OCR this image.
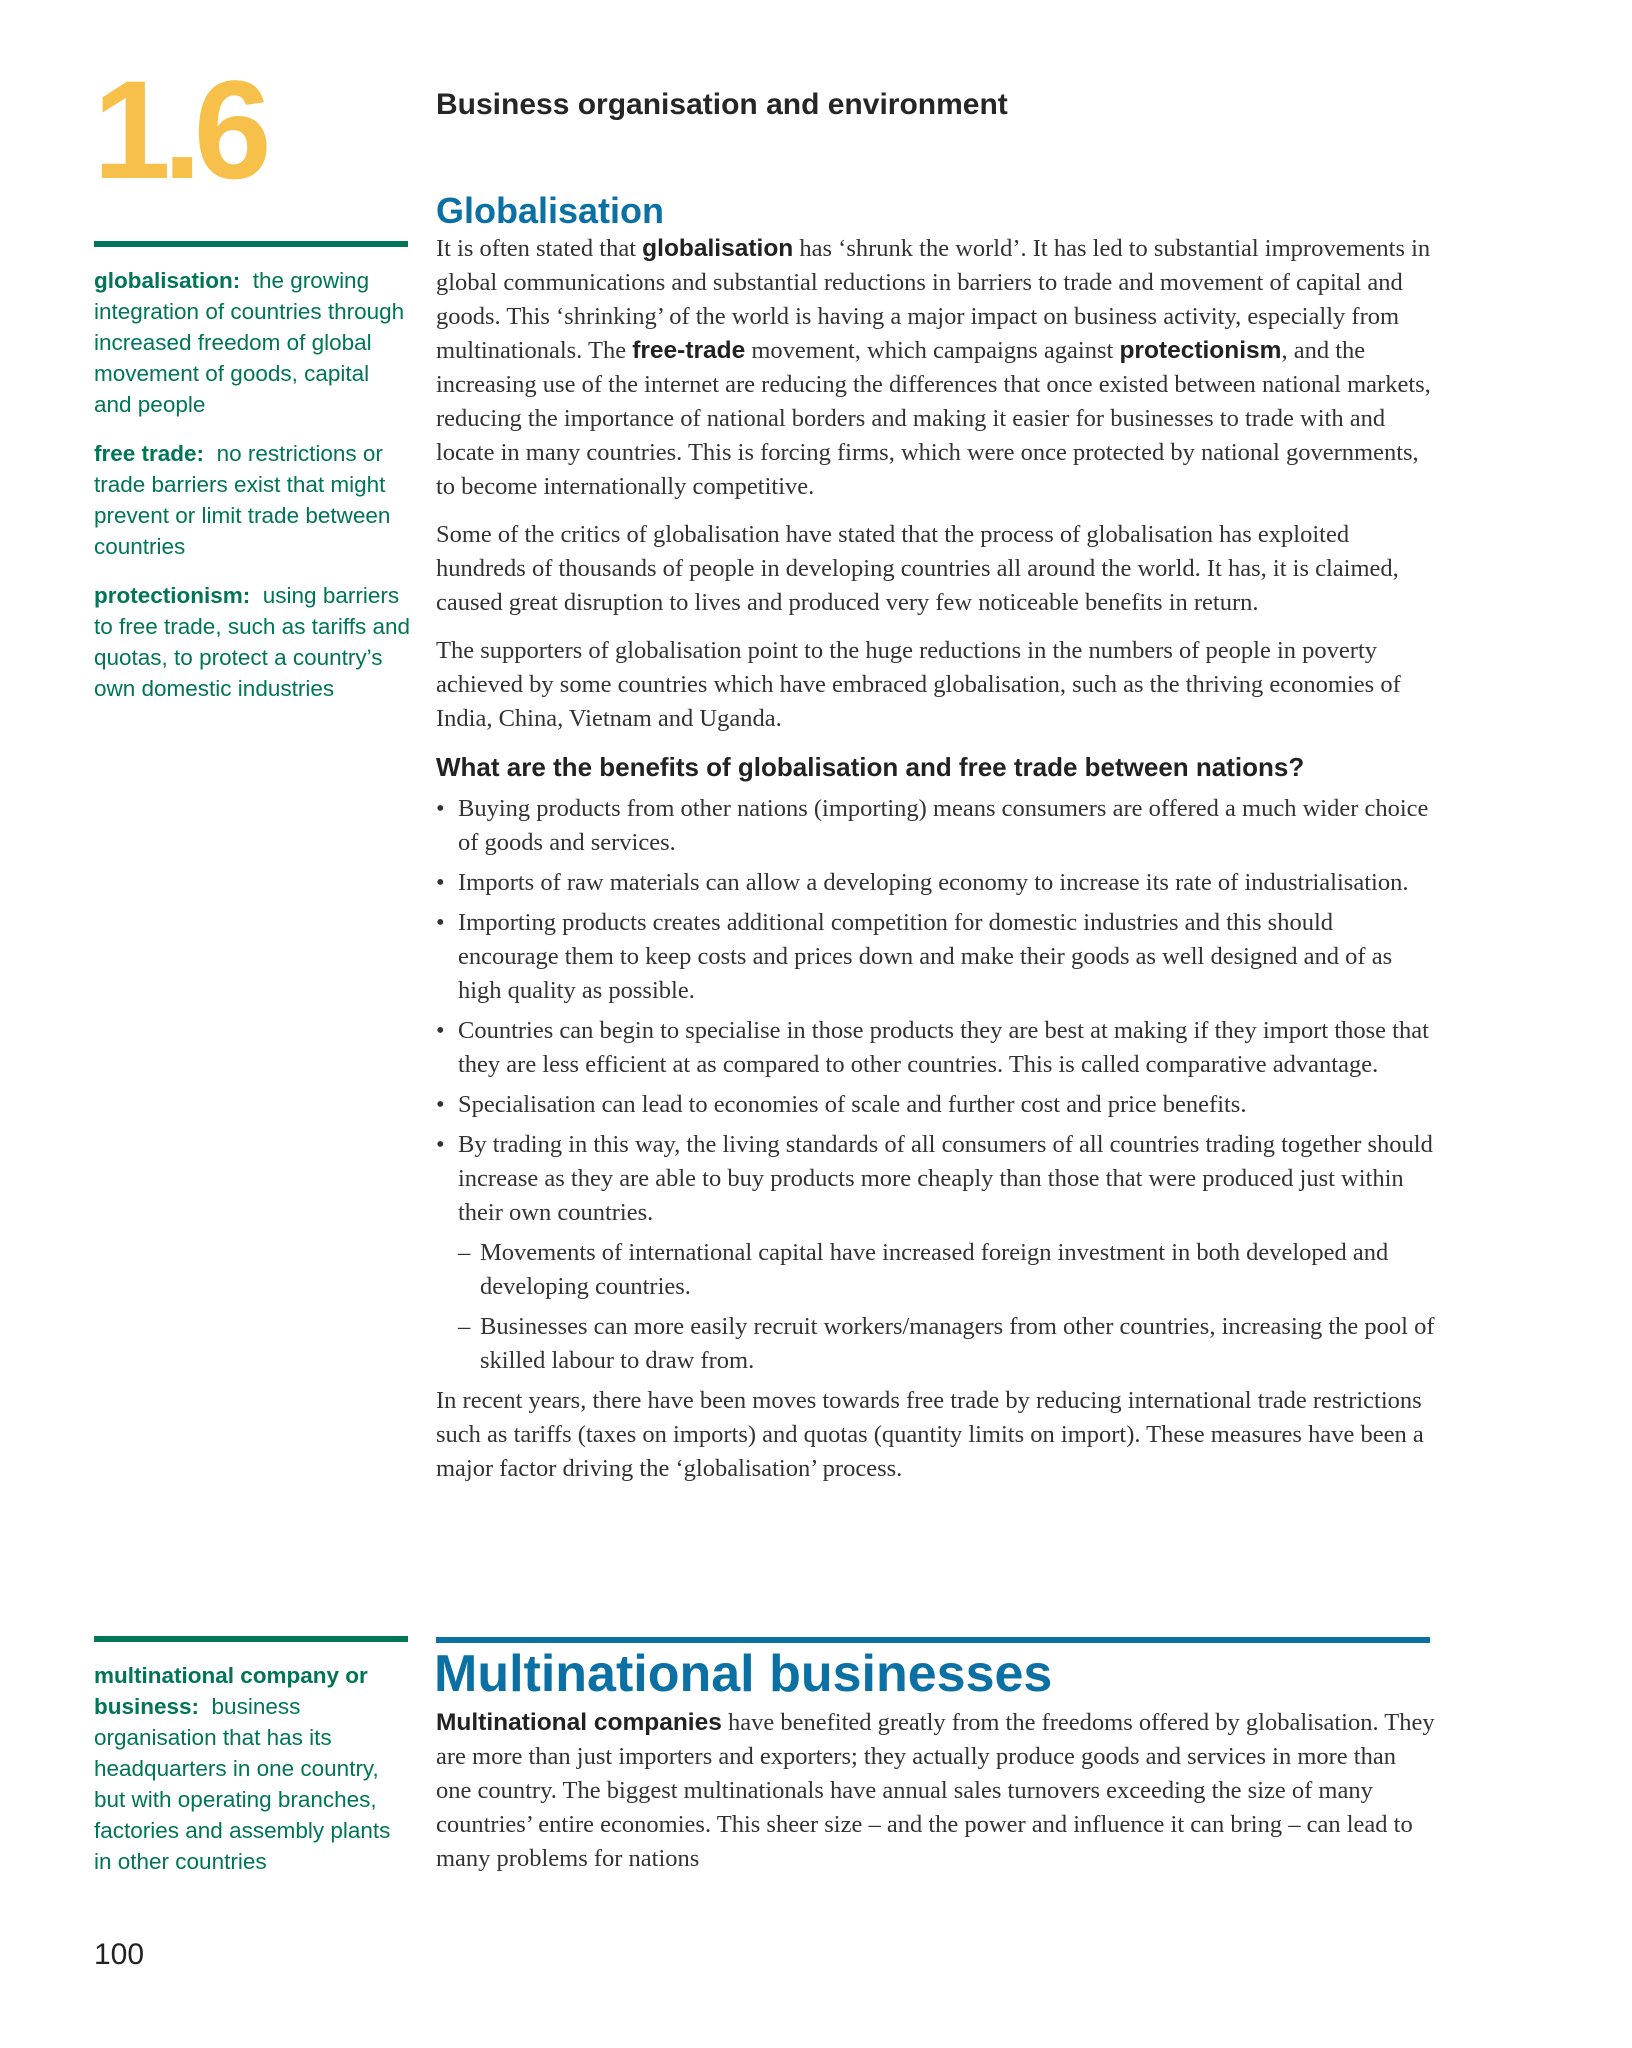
1.6	Business organisation and environment

globalisation: the growing integration of countries through increased freedom of global movement of goods, capital and people

free trade: no restrictions or trade barriers exist that might prevent or limit trade between countries

protectionism: using barriers to free trade, such as tariffs and quotas, to protect a country’s own domestic industries

Globalisation

It is often stated that globalisation has ‘shrunk the world’. It has led to substantial improvements in global communications and substantial reductions in barriers to trade and movement of capital and goods. This ‘shrinking’ of the world is having a major impact on business activity, especially from multinationals. The free-trade movement, which campaigns against protectionism, and the increasing use of the internet are reducing the differences that once existed between national markets, reducing the importance of national borders and making it easier for businesses to trade with and locate in many countries. This is forcing firms, which were once protected by national governments, to become internationally competitive.

Some of the critics of globalisation have stated that the process of globalisation has exploited hundreds of thousands of people in developing countries all around the world. It has, it is claimed, caused great disruption to lives and produced very few noticeable benefits in return.

The supporters of globalisation point to the huge reductions in the numbers of people in poverty achieved by some countries which have embraced globalisation, such as the thriving economies of India, China, Vietnam and Uganda.

What are the benefits of globalisation and free trade between nations?
• Buying products from other nations (importing) means consumers are offered a much wider choice of goods and services.
• Imports of raw materials can allow a developing economy to increase its rate of industrialisation.
• Importing products creates additional competition for domestic industries and this should encourage them to keep costs and prices down and make their goods as well designed and of as high quality as possible.
• Countries can begin to specialise in those products they are best at making if they import those that they are less efficient at as compared to other countries. This is called comparative advantage.
• Specialisation can lead to economies of scale and further cost and price benefits.
• By trading in this way, the living standards of all consumers of all countries trading together should increase as they are able to buy products more cheaply than those that were produced just within their own countries.
– Movements of international capital have increased foreign investment in both developed and developing countries.
– Businesses can more easily recruit workers/managers from other countries, increasing the pool of skilled labour to draw from.

In recent years, there have been moves towards free trade by reducing international trade restrictions such as tariffs (taxes on imports) and quotas (quantity limits on import). These measures have been a major factor driving the ‘globalisation’ process.

multinational company or business: business organisation that has its headquarters in one country, but with operating branches, factories and assembly plants in other countries

Multinational businesses

Multinational companies have benefited greatly from the freedoms offered by globalisation. They are more than just importers and exporters; they actually produce goods and services in more than one country. The biggest multinationals have annual sales turnovers exceeding the size of many countries’ entire economies. This sheer size – and the power and influence it can bring – can lead to many problems for nations

100
